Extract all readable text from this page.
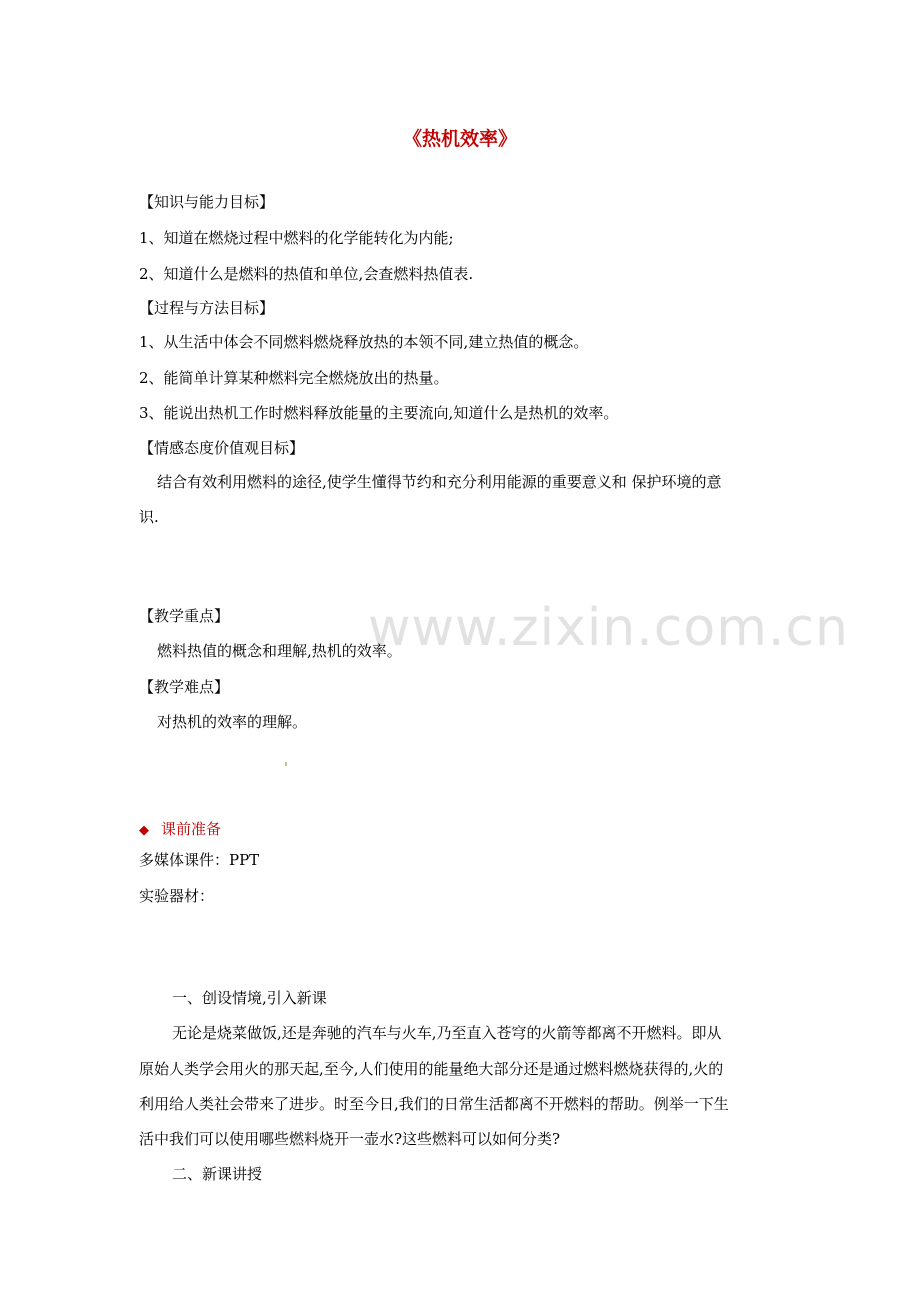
《热机效率》
【知识与能力目标】
1、知道在燃烧过程中燃料的化学能转化为内能;
2、知道什么是燃料的热值和单位,会查燃料热值表.
【过程与方法目标】
1、从生活中体会不同燃料燃烧释放热的本领不同,建立热值的概念。
2、能简单计算某种燃料完全燃烧放出的热量。
3、能说出热机工作时燃料释放能量的主要流向,知道什么是热机的效率。
【情感态度价值观目标】
结合有效利用燃料的途径,使学生懂得节约和充分利用能源的重要意义和 保护环境的意
识.
www.zixin.com.cn
【教学重点】
燃料热值的概念和理解,热机的效率。
【教学难点】
对热机的效率的理解。
◆ 课前准备
多媒体课件：PPT
实验器材：
一、创设情境,引入新课
无论是烧菜做饭,还是奔驰的汽车与火车,乃至直入苍穹的火箭等都离不开燃料。即从
原始人类学会用火的那天起,至今,人们使用的能量绝大部分还是通过燃料燃烧获得的,火的
利用给人类社会带来了进步。时至今日,我们的日常生活都离不开燃料的帮助。例举一下生
活中我们可以使用哪些燃料烧开一壶水?这些燃料可以如何分类?
二、新课讲授
